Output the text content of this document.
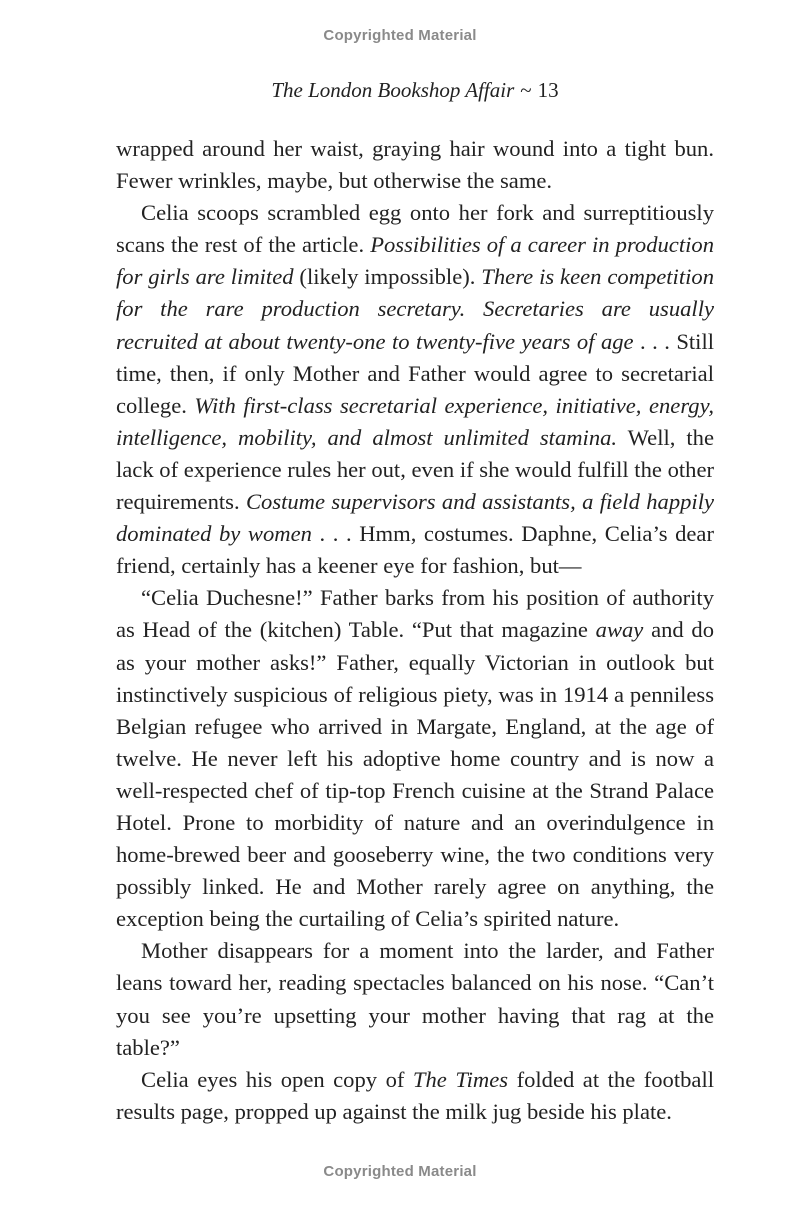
Copyrighted Material
The London Bookshop Affair ~ 13

wrapped around her waist, graying hair wound into a tight bun. Fewer wrinkles, maybe, but otherwise the same.

Celia scoops scrambled egg onto her fork and surreptitiously scans the rest of the article. Possibilities of a career in production for girls are limited (likely impossible). There is keen competition for the rare production secretary. Secretaries are usually recruited at about twenty-one to twenty-five years of age . . . Still time, then, if only Mother and Father would agree to secretarial college. With first-class secretarial experience, initiative, energy, intelligence, mobility, and almost unlimited stamina. Well, the lack of experience rules her out, even if she would fulfill the other requirements. Costume supervisors and assistants, a field happily dominated by women . . . Hmm, costumes. Daphne, Celia’s dear friend, certainly has a keener eye for fashion, but—

“Celia Duchesne!” Father barks from his position of authority as Head of the (kitchen) Table. “Put that magazine away and do as your mother asks!” Father, equally Victorian in outlook but instinctively suspicious of religious piety, was in 1914 a penniless Belgian refugee who arrived in Margate, England, at the age of twelve. He never left his adoptive home country and is now a well-respected chef of tip-top French cuisine at the Strand Palace Hotel. Prone to morbidity of nature and an overindulgence in home-brewed beer and gooseberry wine, the two conditions very possibly linked. He and Mother rarely agree on anything, the exception being the curtailing of Celia’s spirited nature.

Mother disappears for a moment into the larder, and Father leans toward her, reading spectacles balanced on his nose. “Can’t you see you’re upsetting your mother having that rag at the table?”

Celia eyes his open copy of The Times folded at the football results page, propped up against the milk jug beside his plate.

Copyrighted Material
